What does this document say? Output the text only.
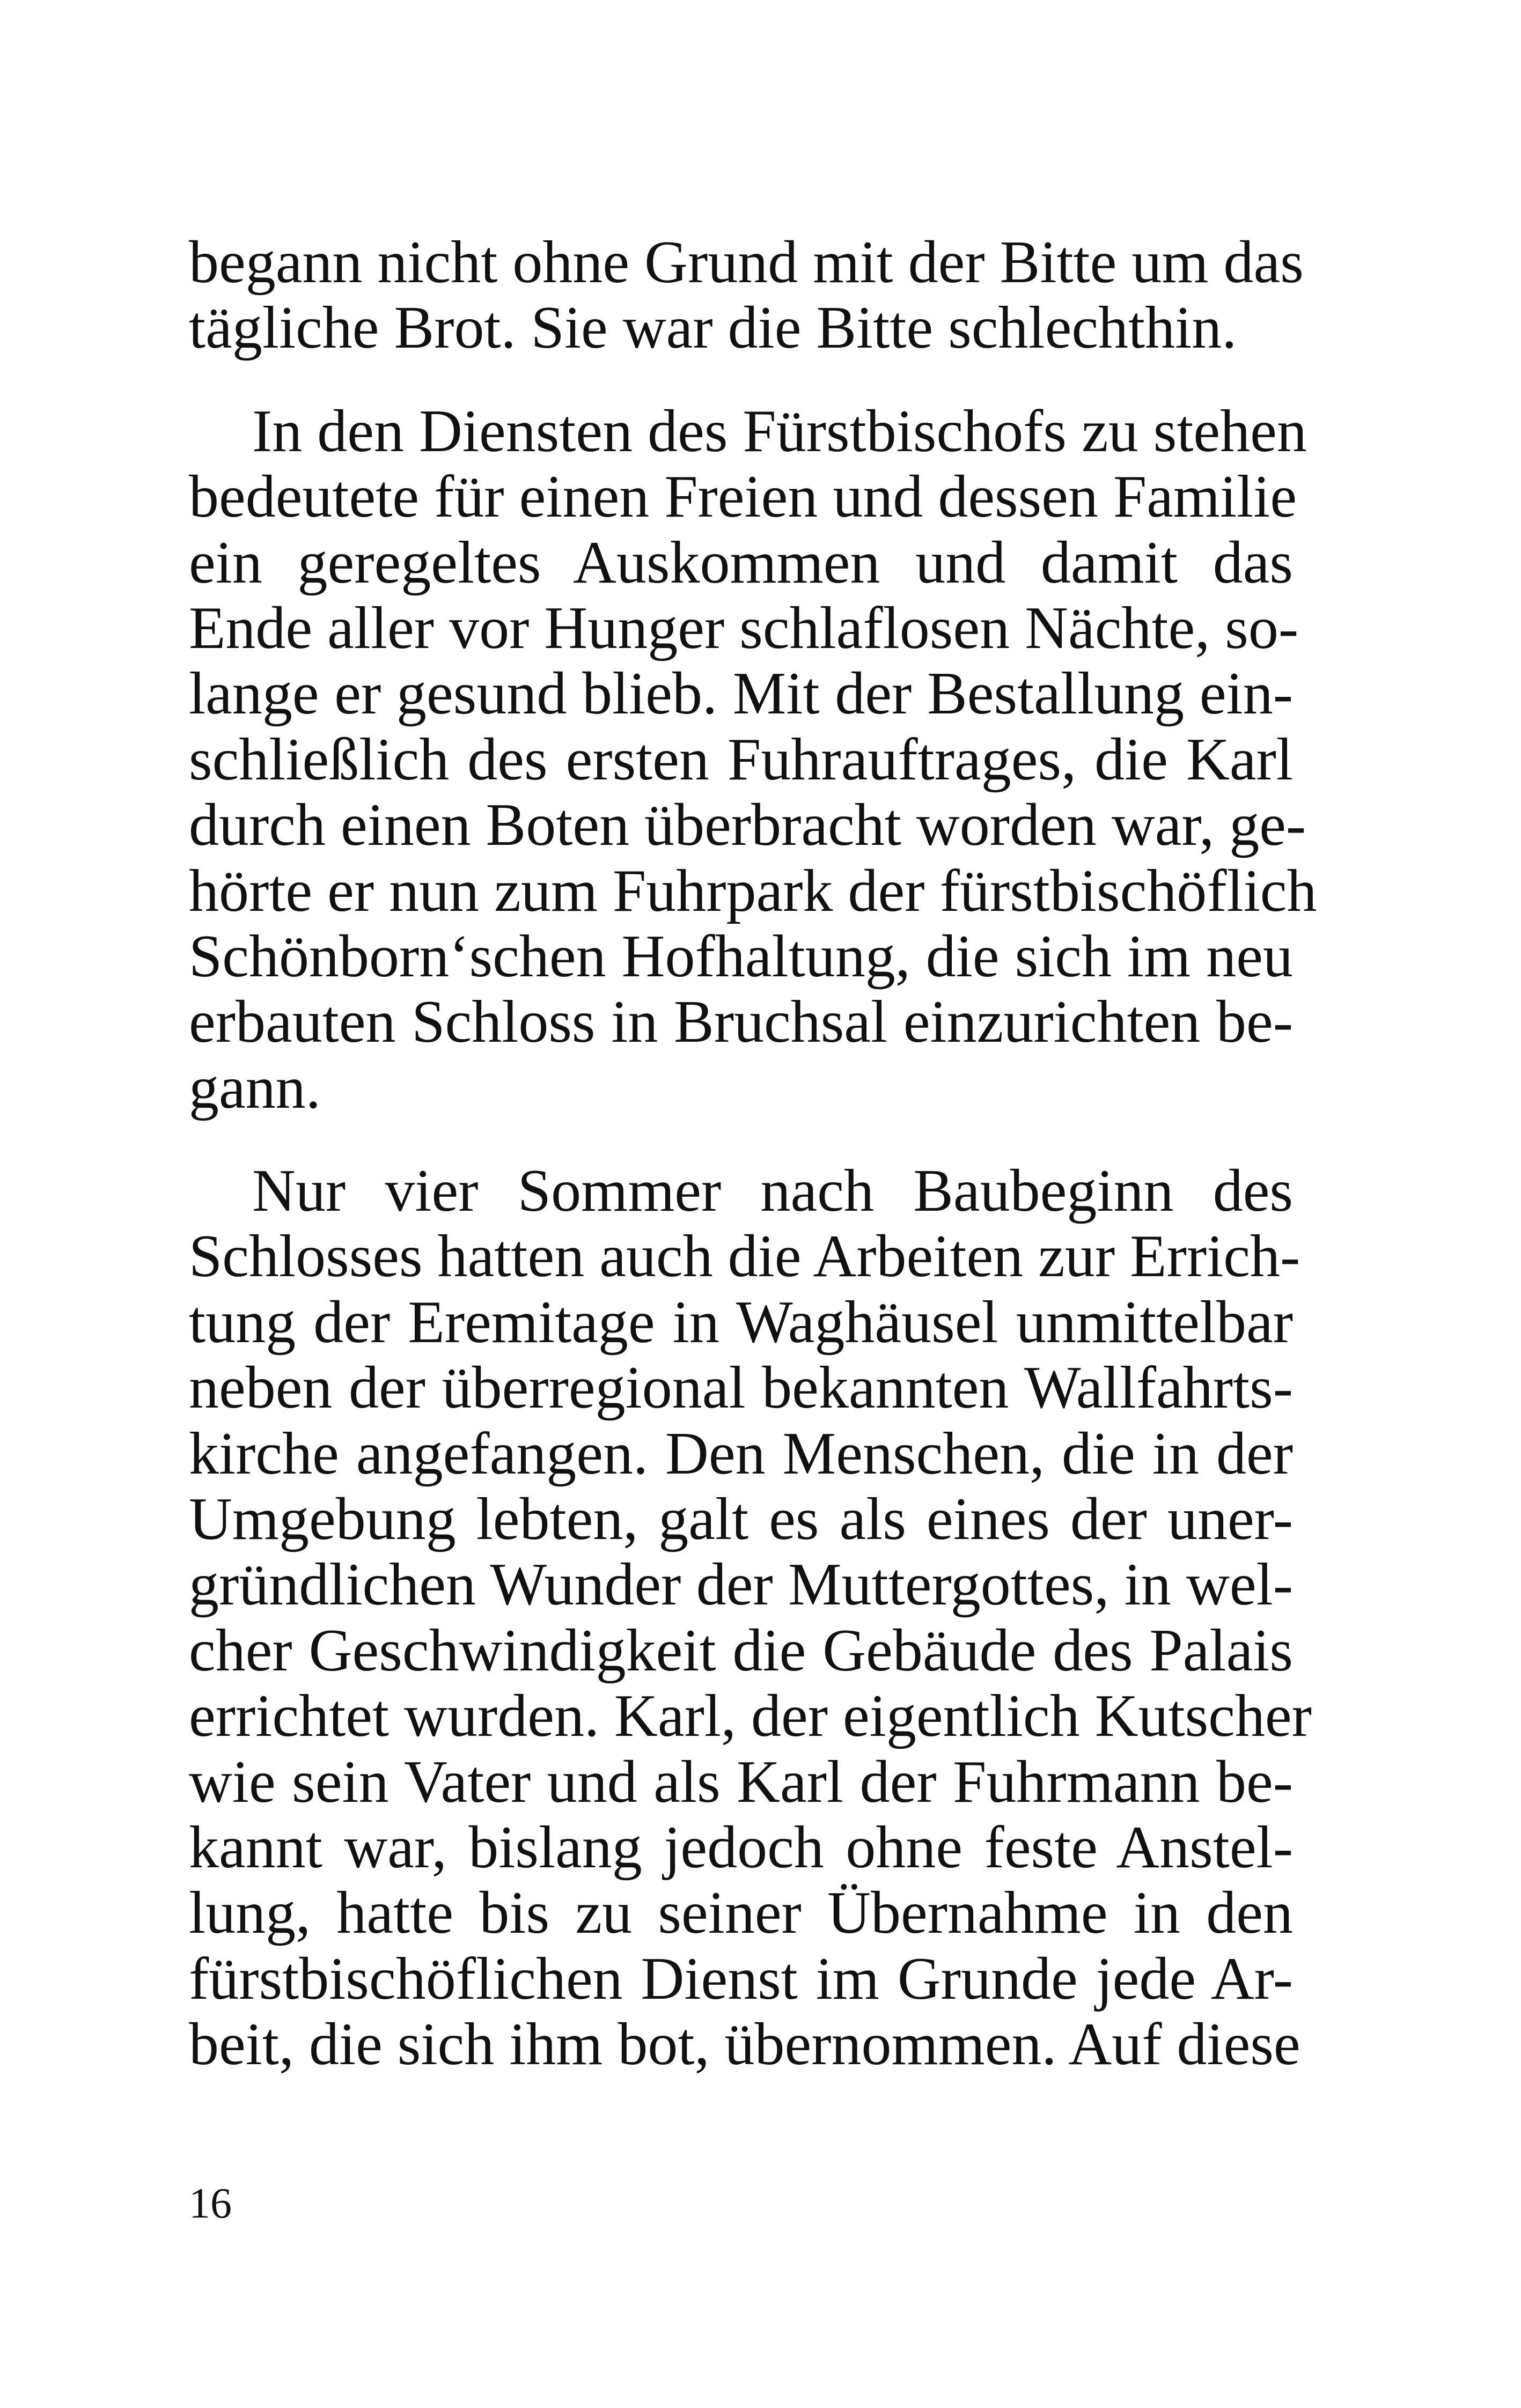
begann nicht ohne Grund mit der Bitte um das
tägliche Brot. Sie war die Bitte schlechthin.
In den Diensten des Fürstbischofs zu stehen
bedeutete für einen Freien und dessen Familie
ein geregeltes Auskommen und damit das
Ende aller vor Hunger schlaflosen Nächte, so-
lange er gesund blieb. Mit der Bestallung ein-
schließlich des ersten Fuhrauftrages, die Karl
durch einen Boten überbracht worden war, ge-
hörte er nun zum Fuhrpark der fürstbischöflich
Schönborn‘schen Hofhaltung, die sich im neu
erbauten Schloss in Bruchsal einzurichten be-
gann.
Nur vier Sommer nach Baubeginn des
Schlosses hatten auch die Arbeiten zur Errich-
tung der Eremitage in Waghäusel unmittelbar
neben der überregional bekannten Wallfahrts-
kirche angefangen. Den Menschen, die in der
Umgebung lebten, galt es als eines der uner-
gründlichen Wunder der Muttergottes, in wel-
cher Geschwindigkeit die Gebäude des Palais
errichtet wurden. Karl, der eigentlich Kutscher
wie sein Vater und als Karl der Fuhrmann be-
kannt war, bislang jedoch ohne feste Anstel-
lung, hatte bis zu seiner Übernahme in den
fürstbischöflichen Dienst im Grunde jede Ar-
beit, die sich ihm bot, übernommen. Auf diese
16
